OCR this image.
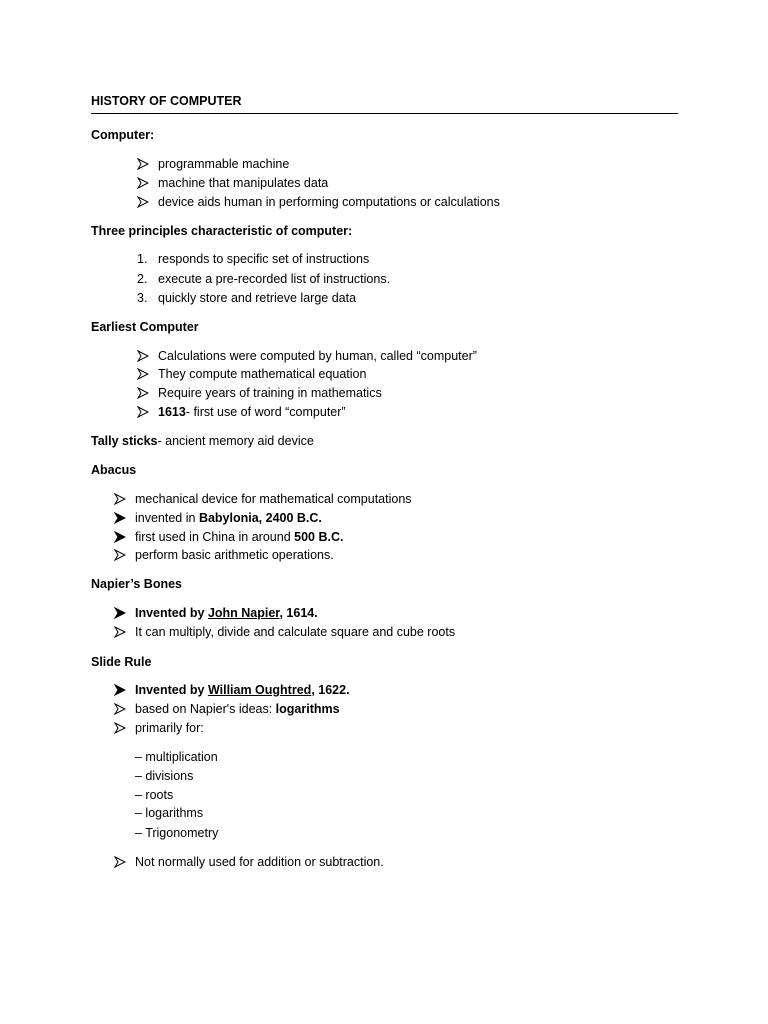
HISTORY OF COMPUTER
Computer:
programmable machine
machine that manipulates data
device aids human in performing computations or calculations
Three principles characteristic of computer:
1. responds to specific set of instructions
2. execute a pre-recorded list of instructions.
3. quickly store and retrieve large data
Earliest Computer
Calculations were computed by human, called “computer”
They compute mathematical equation
Require years of training in mathematics
1613- first use of word “computer”
Tally sticks- ancient memory aid device
Abacus
mechanical device for mathematical computations
invented in Babylonia, 2400 B.C.
first used in China in around 500 B.C.
perform basic arithmetic operations.
Napier’s Bones
Invented by John Napier, 1614.
It can multiply, divide and calculate square and cube roots
Slide Rule
Invented by William Oughtred, 1622.
based on Napier's ideas: logarithms
primarily for:
– multiplication
– divisions
– roots
– logarithms
– Trigonometry
Not normally used for addition or subtraction.
